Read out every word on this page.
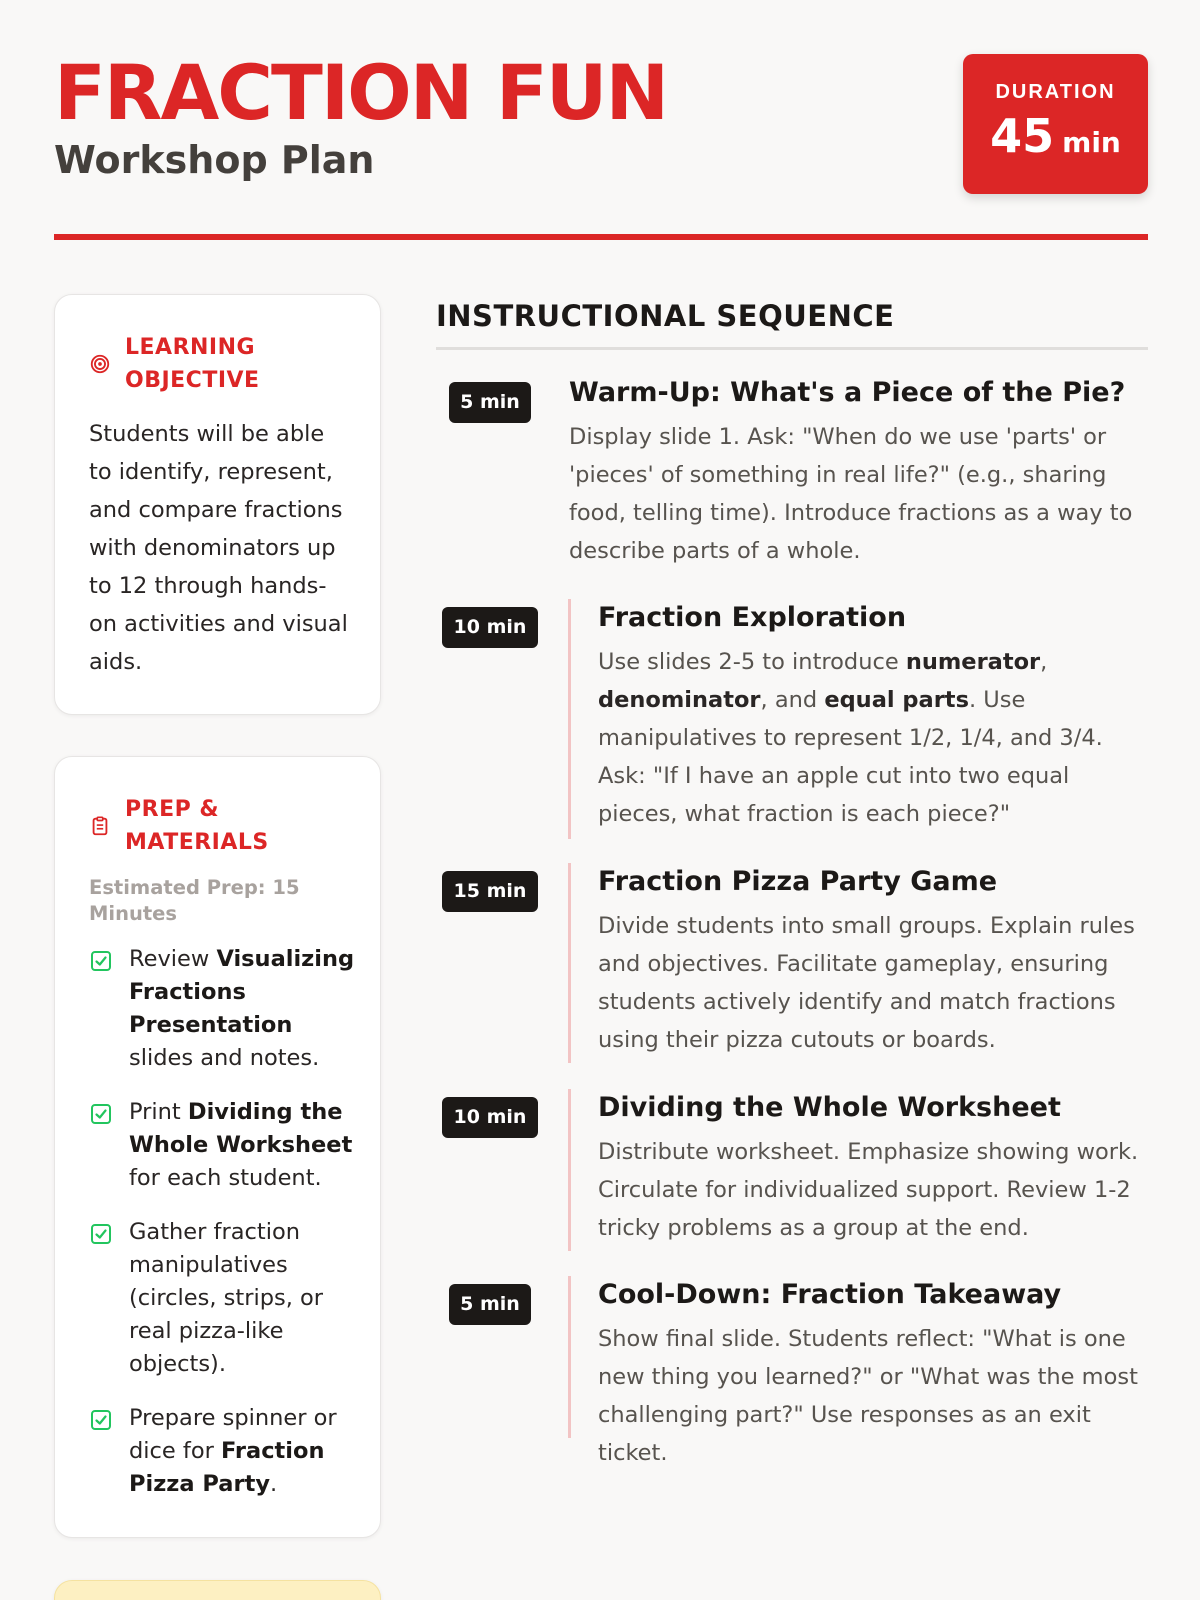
FRACTION FUN
Workshop Plan
DURATION
45 min
LEARNING OBJECTIVE
Students will be able to identify, represent, and compare fractions with denominators up to 12 through hands-on activities and visual aids.
PREP & MATERIALS
Estimated Prep: 15 Minutes
Review Visualizing Fractions Presentation slides and notes.
Print Dividing the Whole Worksheet for each student.
Gather fraction manipulatives (circles, strips, or real pizza-like objects).
Prepare spinner or dice for Fraction Pizza Party.
INSTRUCTIONAL SEQUENCE
5 min	Warm-Up: What's a Piece of the Pie?
Display slide 1. Ask: "When do we use 'parts' or 'pieces' of something in real life?" (e.g., sharing food, telling time). Introduce fractions as a way to describe parts of a whole.
10 min	Fraction Exploration
Use slides 2-5 to introduce numerator, denominator, and equal parts. Use manipulatives to represent 1/2, 1/4, and 3/4. Ask: "If I have an apple cut into two equal pieces, what fraction is each piece?"
15 min	Fraction Pizza Party Game
Divide students into small groups. Explain rules and objectives. Facilitate gameplay, ensuring students actively identify and match fractions using their pizza cutouts or boards.
10 min	Dividing the Whole Worksheet
Distribute worksheet. Emphasize showing work. Circulate for individualized support. Review 1-2 tricky problems as a group at the end.
5 min	Cool-Down: Fraction Takeaway
Show final slide. Students reflect: "What is one new thing you learned?" or "What was the most challenging part?" Use responses as an exit ticket.
